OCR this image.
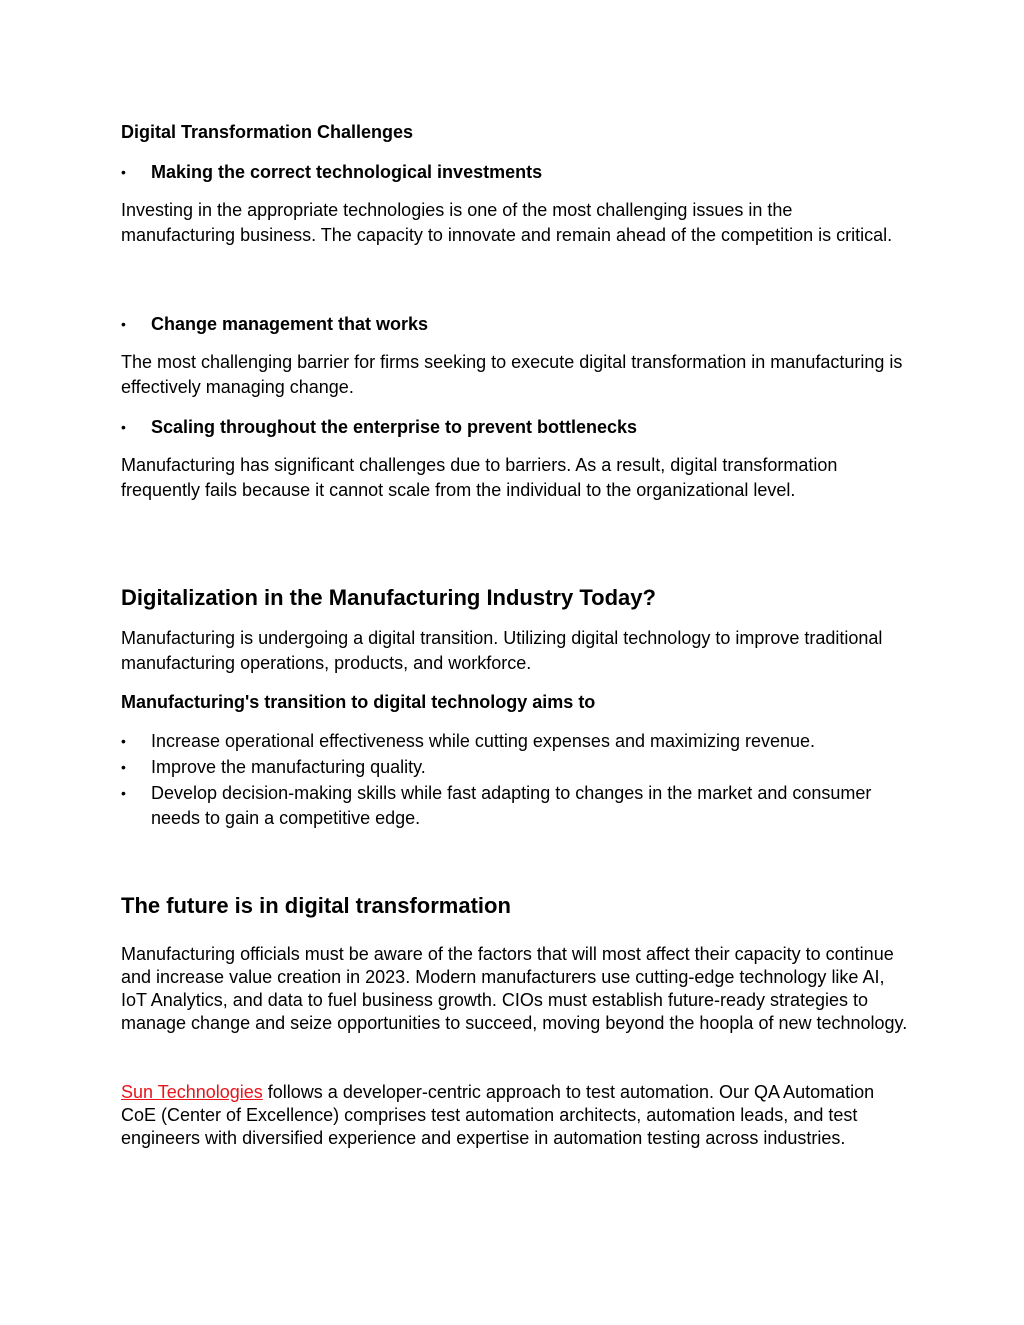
Digital Transformation Challenges
•	Making the correct technological investments

Investing in the appropriate technologies is one of the most challenging issues in the manufacturing business. The capacity to innovate and remain ahead of the competition is critical.

•	Change management that works

The most challenging barrier for firms seeking to execute digital transformation in manufacturing is effectively managing change.

•	Scaling throughout the enterprise to prevent bottlenecks

Manufacturing has significant challenges due to barriers. As a result, digital transformation frequently fails because it cannot scale from the individual to the organizational level.

Digitalization in the Manufacturing Industry Today?

Manufacturing is undergoing a digital transition. Utilizing digital technology to improve traditional manufacturing operations, products, and workforce.

Manufacturing's transition to digital technology aims to
•	Increase operational effectiveness while cutting expenses and maximizing revenue.
•	Improve the manufacturing quality.
•	Develop decision-making skills while fast adapting to changes in the market and consumer needs to gain a competitive edge.
The future is in digital transformation

Manufacturing officials must be aware of the factors that will most affect their capacity to continue and increase value creation in 2023. Modern manufacturers use cutting-edge technology like AI, IoT Analytics, and data to fuel business growth. CIOs must establish future-ready strategies to manage change and seize opportunities to succeed, moving beyond the hoopla of new technology.

Sun Technologies follows a developer-centric approach to test automation. Our QA Automation CoE (Center of Excellence) comprises test automation architects, automation leads, and test engineers with diversified experience and expertise in automation testing across industries.
